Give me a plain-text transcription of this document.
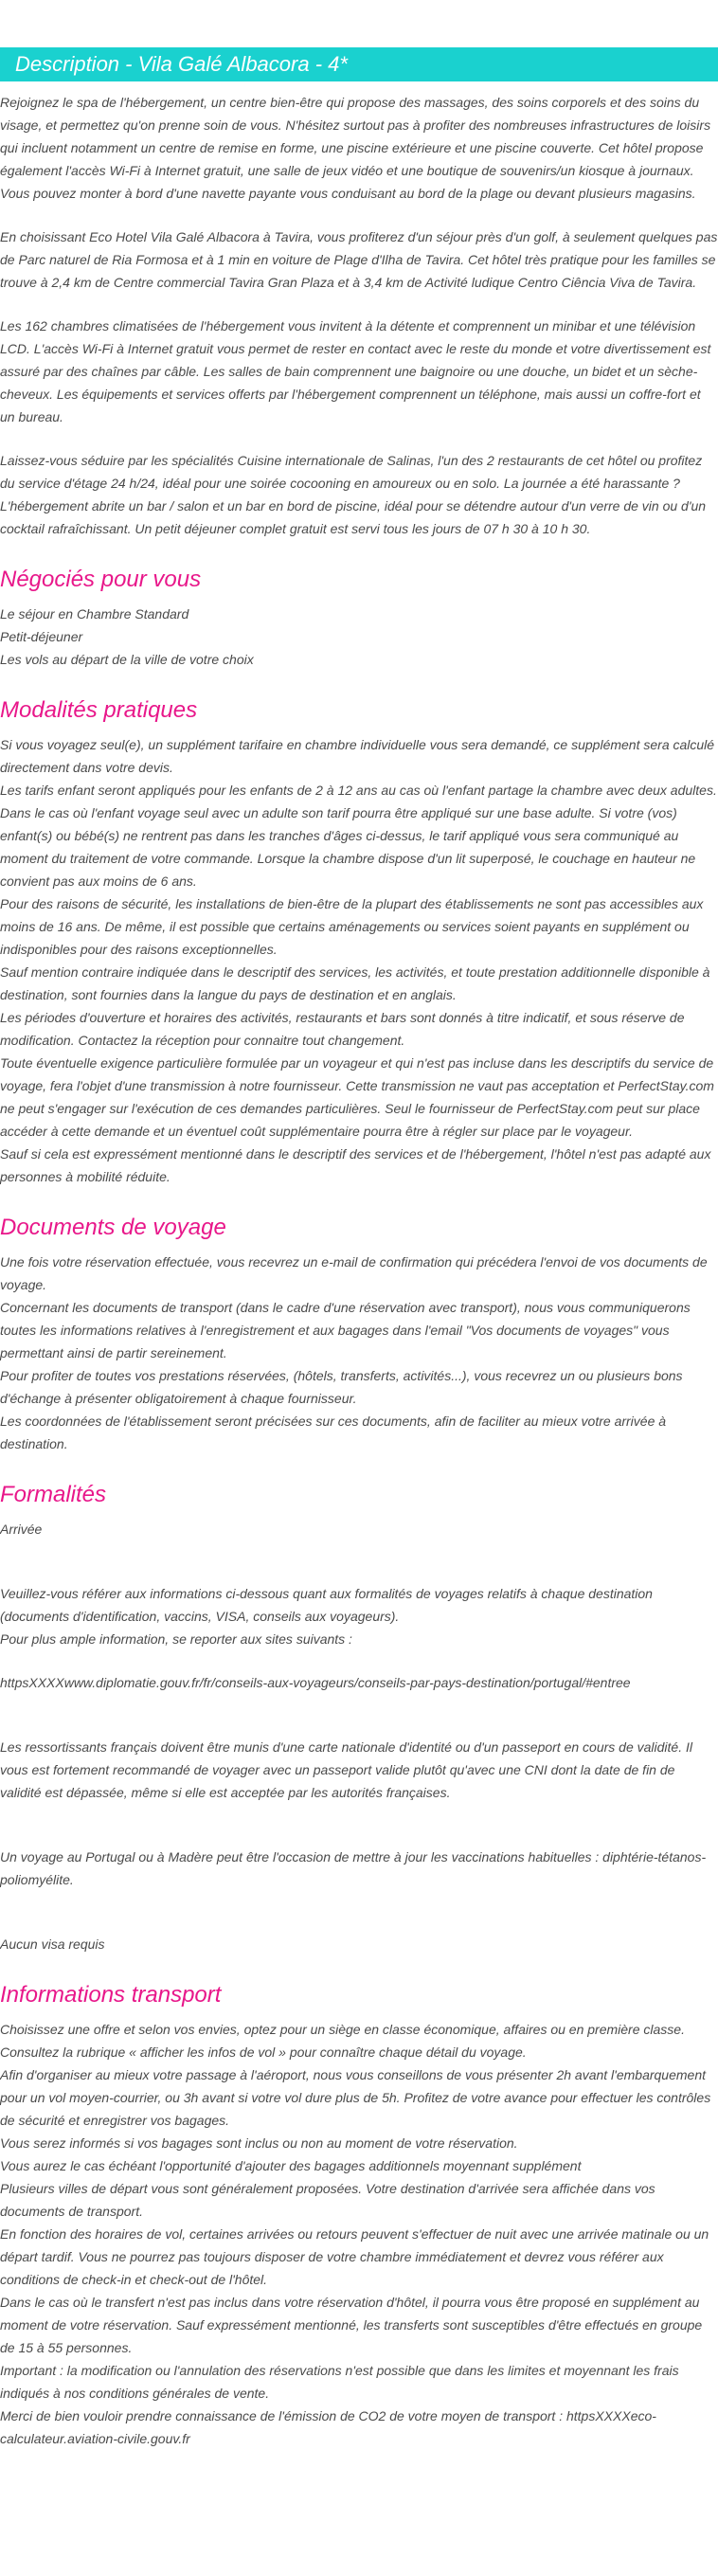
Description - Vila Galé Albacora - 4*

Rejoignez le spa de l'hébergement, un centre bien-être qui propose des massages, des soins corporels et des soins du visage, et permettez qu'on prenne soin de vous. N'hésitez surtout pas à profiter des nombreuses infrastructures de loisirs qui incluent notamment un centre de remise en forme, une piscine extérieure et une piscine couverte. Cet hôtel propose également l'accès Wi-Fi à Internet gratuit, une salle de jeux vidéo et une boutique de souvenirs/un kiosque à journaux. Vous pouvez monter à bord d'une navette payante vous conduisant au bord de la plage ou devant plusieurs magasins.

En choisissant Eco Hotel Vila Galé Albacora à Tavira, vous profiterez d'un séjour près d'un golf, à seulement quelques pas de Parc naturel de Ria Formosa et à 1 min en voiture de Plage d'Ilha de Tavira. Cet hôtel très pratique pour les familles se trouve à 2,4 km de Centre commercial Tavira Gran Plaza et à 3,4 km de Activité ludique Centro Ciência Viva de Tavira.

Les 162 chambres climatisées de l'hébergement vous invitent à la détente et comprennent un minibar et une télévision LCD. L'accès Wi-Fi à Internet gratuit vous permet de rester en contact avec le reste du monde et votre divertissement est assuré par des chaînes par câble. Les salles de bain comprennent une baignoire ou une douche, un bidet et un sèche-cheveux. Les équipements et services offerts par l'hébergement comprennent un téléphone, mais aussi un coffre-fort et un bureau.

Laissez-vous séduire par les spécialités Cuisine internationale de Salinas, l'un des 2 restaurants de cet hôtel ou profitez du service d'étage 24 h/24, idéal pour une soirée cocooning en amoureux ou en solo. La journée a été harassante ? L'hébergement abrite un bar / salon et un bar en bord de piscine, idéal pour se détendre autour d'un verre de vin ou d'un cocktail rafraîchissant. Un petit déjeuner complet gratuit est servi tous les jours de 07 h 30 à 10 h 30.

Négociés pour vous

Le séjour en Chambre Standard

Petit-déjeuner

Les vols au départ de la ville de votre choix

Modalités pratiques

Si vous voyagez seul(e), un supplément tarifaire en chambre individuelle vous sera demandé, ce supplément sera calculé directement dans votre devis.
Les tarifs enfant seront appliqués pour les enfants de 2 à 12 ans au cas où l'enfant partage la chambre avec deux adultes. Dans le cas où l'enfant voyage seul avec un adulte son tarif pourra être appliqué sur une base adulte. Si votre (vos) enfant(s) ou bébé(s) ne rentrent pas dans les tranches d'âges ci-dessus, le tarif appliqué vous sera communiqué au moment du traitement de votre commande. Lorsque la chambre dispose d'un lit superposé, le couchage en hauteur ne convient pas aux moins de 6 ans.
Pour des raisons de sécurité, les installations de bien-être de la plupart des établissements ne sont pas accessibles aux moins de 16 ans. De même, il est possible que certains aménagements ou services soient payants en supplément ou indisponibles pour des raisons exceptionnelles.
Sauf mention contraire indiquée dans le descriptif des services, les activités, et toute prestation additionnelle disponible à destination, sont fournies dans la langue du pays de destination et en anglais.
Les périodes d'ouverture et horaires des activités, restaurants et bars sont donnés à titre indicatif, et sous réserve de modification. Contactez la réception pour connaitre tout changement.
Toute éventuelle exigence particulière formulée par un voyageur et qui n'est pas incluse dans les descriptifs du service de voyage, fera l'objet d'une transmission à notre fournisseur. Cette transmission ne vaut pas acceptation et PerfectStay.com ne peut s'engager sur l'exécution de ces demandes particulières. Seul le fournisseur de PerfectStay.com peut sur place accéder à cette demande et un éventuel coût supplémentaire pourra être à régler sur place par le voyageur.
Sauf si cela est expressément mentionné dans le descriptif des services et de l'hébergement, l'hôtel n'est pas adapté aux personnes à mobilité réduite.

Documents de voyage

Une fois votre réservation effectuée, vous recevrez un e-mail de confirmation qui précédera l'envoi de vos documents de voyage.
Concernant les documents de transport (dans le cadre d'une réservation avec transport), nous vous communiquerons toutes les informations relatives à l'enregistrement et aux bagages dans l'email "Vos documents de voyages" vous permettant ainsi de partir sereinement.
Pour profiter de toutes vos prestations réservées, (hôtels, transferts, activités...), vous recevrez un ou plusieurs bons d'échange à présenter obligatoirement à chaque fournisseur.
Les coordonnées de l'établissement seront précisées sur ces documents, afin de faciliter au mieux votre arrivée à destination.

Formalités

Arrivée

Veuillez-vous référer aux informations ci-dessous quant aux formalités de voyages relatifs à chaque destination (documents d'identification, vaccins, VISA, conseils aux voyageurs).
Pour plus ample information, se reporter aux sites suivants :

httpsXXXXwww.diplomatie.gouv.fr/fr/conseils-aux-voyageurs/conseils-par-pays-destination/portugal/#entree

Les ressortissants français doivent être munis d'une carte nationale d'identité ou d'un passeport en cours de validité. Il vous est fortement recommandé de voyager avec un passeport valide plutôt qu'avec une CNI dont la date de fin de validité est dépassée, même si elle est acceptée par les autorités françaises.

Un voyage au Portugal ou à Madère peut être l'occasion de mettre à jour les vaccinations habituelles : diphtérie-tétanos-poliomyélite.

Aucun visa requis

Informations transport

Choisissez une offre et selon vos envies, optez pour un siège en classe économique, affaires ou en première classe.
Consultez la rubrique « afficher les infos de vol » pour connaître chaque détail du voyage.
Afin d'organiser au mieux votre passage à l'aéroport, nous vous conseillons de vous présenter 2h avant l'embarquement pour un vol moyen-courrier, ou 3h avant si votre vol dure plus de 5h. Profitez de votre avance pour effectuer les contrôles de sécurité et enregistrer vos bagages.
Vous serez informés si vos bagages sont inclus ou non au moment de votre réservation.
Vous aurez le cas échéant l'opportunité d'ajouter des bagages additionnels moyennant supplément
Plusieurs villes de départ vous sont généralement proposées. Votre destination d'arrivée sera affichée dans vos documents de transport.
En fonction des horaires de vol, certaines arrivées ou retours peuvent s'effectuer de nuit avec une arrivée matinale ou un départ tardif. Vous ne pourrez pas toujours disposer de votre chambre immédiatement et devrez vous référer aux conditions de check-in et check-out de l'hôtel.
Dans le cas où le transfert n'est pas inclus dans votre réservation d'hôtel, il pourra vous être proposé en supplément au moment de votre réservation. Sauf expressément mentionné, les transferts sont susceptibles d'être effectués en groupe de 15 à 55 personnes.
Important : la modification ou l'annulation des réservations n'est possible que dans les limites et moyennant les frais indiqués à nos conditions générales de vente.
Merci de bien vouloir prendre connaissance de l'émission de CO2 de votre moyen de transport : httpsXXXXeco-calculateur.aviation-civile.gouv.fr
